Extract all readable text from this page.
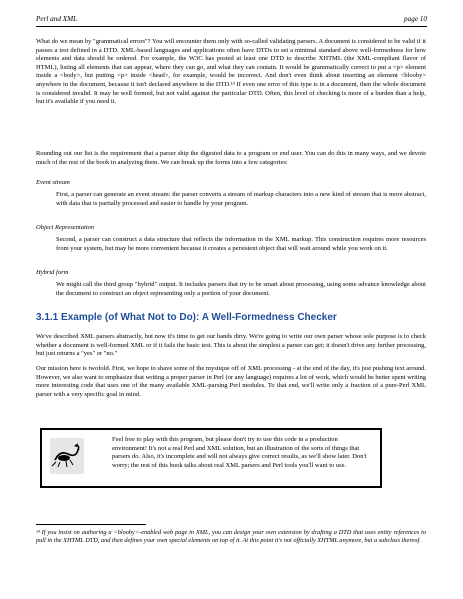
Perl and XML	page 10
What do we mean by "grammatical errors"? You will encounter them only with so-called validating parsers. A document is considered to be valid if it passes a test defined in a DTD. XML-based languages and applications often have DTDs to set a minimal standard above well-formedness for how elements and data should be ordered. For example, the W3C has posted at least one DTD to describe XHTML (the XML-compliant flavor of HTML), listing all elements that can appear, where they can go, and what they can contain. It would be grammatically correct to put a <p> element inside a <body>, but putting <p> inside <head>, for example, would be incorrect. And don't even think about inserting an element <blooby> anywhere in the document, because it isn't declared anywhere in the DTD.¹³ If even one error of this type is in a document, then the whole document is considered invalid. It may be well formed, but not valid against the particular DTD. Often, this level of checking is more of a burden than a help, but it's available if you need it.
Rounding out our list is the requirement that a parser ship the digested data to a program or end user. You can do this in many ways, and we devote much of the rest of the book in analyzing them. We can break up the forms into a few categories:
Event stream
First, a parser can generate an event stream: the parser converts a stream of markup characters into a new kind of stream that is more abstract, with data that is partially processed and easier to handle by your program.
Object Representation
Second, a parser can construct a data structure that reflects the information in the XML markup. This construction requires more resources from your system, but may be more convenient because it creates a persistent object that will wait around while you work on it.
Hybrid form
We might call the third group "hybrid" output. It includes parsers that try to be smart about processing, using some advance knowledge about the document to construct an object representing only a portion of your document.
3.1.1 Example (of What Not to Do): A Well-Formedness Checker
We've described XML parsers abstractly, but now it's time to get our hands dirty. We're going to write our own parser whose sole purpose is to check whether a document is well-formed XML or if it fails the basic test. This is about the simplest a parser can get; it doesn't drive any further processing, but just returns a "yes" or "no."
Our mission here is twofold. First, we hope to shave some of the mystique off of XML processing - at the end of the day, it's just pushing text around. However, we also want to emphasize that writing a proper parser in Perl (or any language) requires a lot of work, which would be better spent writing more interesting code that uses one of the many available XML-parsing Perl modules. To that end, we'll write only a fraction of a pure-Perl XML parser with a very specific goal in mind.
Feel free to play with this program, but please don't try to use this code in a production environment! It's not a real Perl and XML solution, but an illustration of the sorts of things that parsers do. Also, it's incomplete and will not always give correct results, as we'll show later. Don't worry; the rest of this book talks about real XML parsers and Perl tools you'll want to use.
¹³ If you insist on authoring a <blooby>-enabled web page in XML, you can design your own extension by drafting a DTD that uses entity references to pull in the XHTML DTD, and then defines your own special elements on top of it. At this point it's not officially XHTML anymore, but a subclass thereof.
